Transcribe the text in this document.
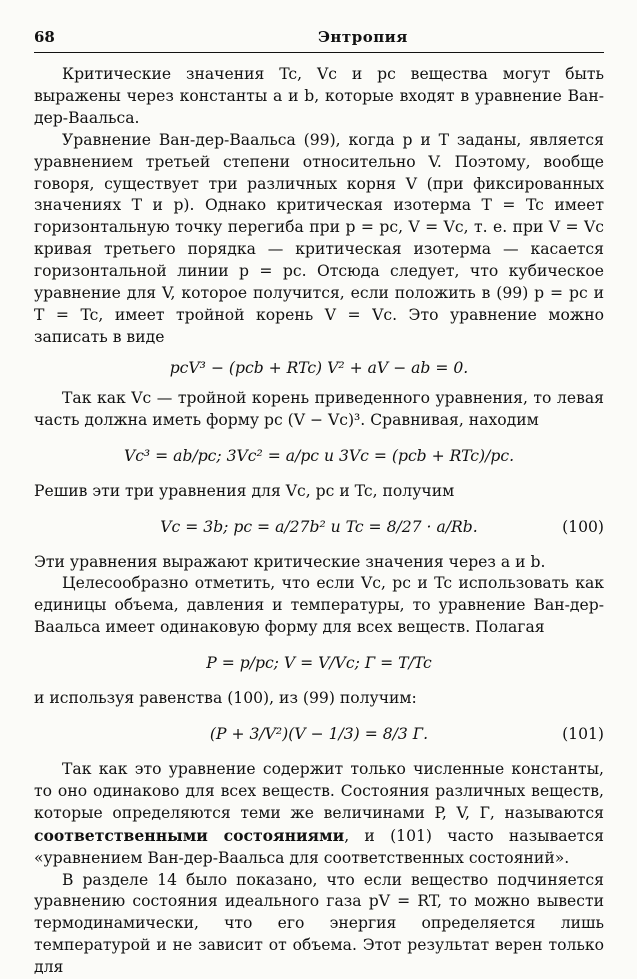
68	Энтропия

Критические значения Tc, Vc и pc вещества могут быть выражены через константы a и b, которые входят в уравнение Ван-дер-Ваальса.

Уравнение Ван-дер-Ваальса (99), когда p и T заданы, является уравнением третьей степени относительно V. Поэтому, вообще говоря, существует три различных корня V (при фиксированных значениях T и p). Однако критическая изотерма T = Tc имеет горизонтальную точку перегиба при p = pc, V = Vc, т. е. при V = Vc кривая третьего порядка — критическая изотерма — касается горизонтальной линии p = pc. Отсюда следует, что кубическое уравнение для V, которое получится, если положить в (99) p = pc и T = Tc, имеет тройной корень V = Vc. Это уравнение можно записать в виде

pcV³ − (pcb + RTc) V² + aV − ab = 0.

Так как Vc — тройной корень приведенного уравнения, то левая часть должна иметь форму pc (V − Vc)³. Сравнивая, находим

Vc³ = ab/pc; 3Vc² = a/pc и 3Vc = (pcb + RTc)/pc.

Решив эти три уравнения для Vc, pc и Tc, получим

Vc = 3b; pc = a/27b² и Tc = 8/27 · a/Rb.	(100)

Эти уравнения выражают критические значения через a и b.

Целесообразно отметить, что если Vc, pc и Tc использовать как единицы объема, давления и температуры, то уравнение Ван-дер-Ваальса имеет одинаковую форму для всех веществ. Полагая

P = p/pc; V = V/Vc; Г = T/Tc

и используя равенства (100), из (99) получим:

(P + 3/V²)(V − 1/3) = 8/3 Г.	(101)

Так как это уравнение содержит только численные константы, то оно одинаково для всех веществ. Состояния различных веществ, которые определяются теми же величинами P, V, Г, называются соответственными состояниями, и (101) часто называется «уравнением Ван-дер-Ваальса для соответственных состояний».

В разделе 14 было показано, что если вещество подчиняется уравнению состояния идеального газа pV = RT, то можно вывести термодинамически, что его энергия определяется лишь температурой и не зависит от объема. Этот результат верен только для
